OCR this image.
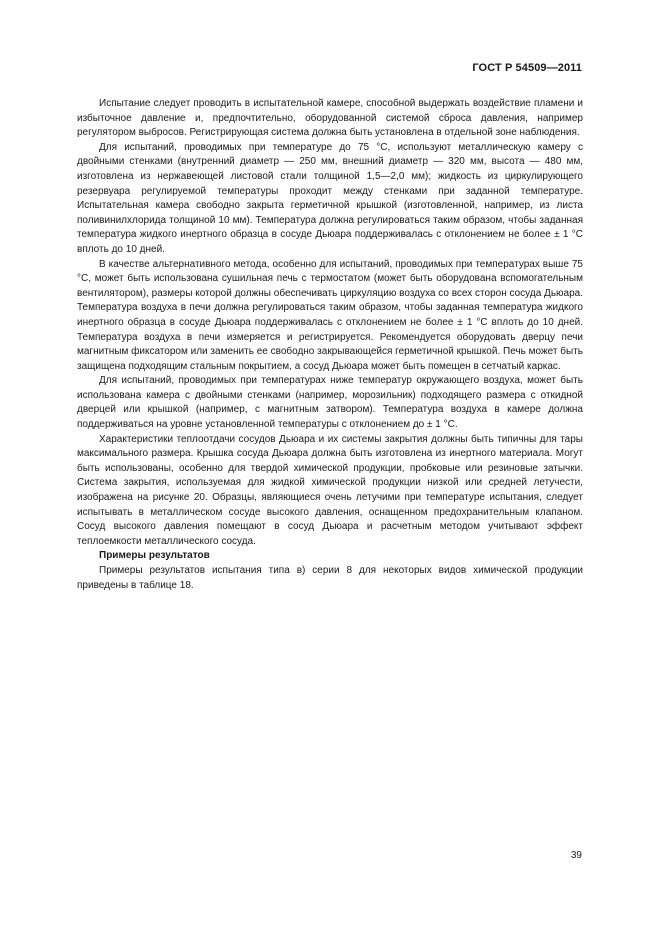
ГОСТ Р 54509—2011

Испытание следует проводить в испытательной камере, способной выдержать воздействие пламени и избыточное давление и, предпочтительно, оборудованной системой сброса давления, например регулятором выбросов. Регистрирующая система должна быть установлена в отдельной зоне наблюдения.

Для испытаний, проводимых при температуре до 75 °С, используют металлическую камеру с двойными стенками (внутренний диаметр — 250 мм, внешний диаметр — 320 мм, высота — 480 мм, изготовлена из нержавеющей листовой стали толщиной 1,5—2,0 мм); жидкость из циркулирующего резервуара регулируемой температуры проходит между стенками при заданной температуре. Испытательная камера свободно закрыта герметичной крышкой (изготовленной, например, из листа поливинилхлорида толщиной 10 мм). Температура должна регулироваться таким образом, чтобы заданная температура жидкого инертного образца в сосуде Дьюара поддерживалась с отклонением не более ± 1 °С вплоть до 10 дней.

В качестве альтернативного метода, особенно для испытаний, проводимых при температурах выше 75 °С, может быть использована сушильная печь с термостатом (может быть оборудована вспомогательным вентилятором), размеры которой должны обеспечивать циркуляцию воздуха со всех сторон сосуда Дьюара. Температура воздуха в печи должна регулироваться таким образом, чтобы заданная температура жидкого инертного образца в сосуде Дьюара поддерживалась с отклонением не более ± 1 °С вплоть до 10 дней. Температура воздуха в печи измеряется и регистрируется. Рекомендуется оборудовать дверцу печи магнитным фиксатором или заменить ее свободно закрывающейся герметичной крышкой. Печь может быть защищена подходящим стальным покрытием, а сосуд Дьюара может быть помещен в сетчатый каркас.

Для испытаний, проводимых при температурах ниже температур окружающего воздуха, может быть использована камера с двойными стенками (например, морозильник) подходящего размера с откидной дверцей или крышкой (например, с магнитным затвором). Температура воздуха в камере должна поддерживаться на уровне установленной температуры с отклонением до ± 1 °С.

Характеристики теплоотдачи сосудов Дьюара и их системы закрытия должны быть типичны для тары максимального размера. Крышка сосуда Дьюара должна быть изготовлена из инертного материала. Могут быть использованы, особенно для твердой химической продукции, пробковые или резиновые затычки. Система закрытия, используемая для жидкой химической продукции низкой или средней летучести, изображена на рисунке 20. Образцы, являющиеся очень летучими при температуре испытания, следует испытывать в металлическом сосуде высокого давления, оснащенном предохранительным клапаном. Сосуд высокого давления помещают в сосуд Дьюара и расчетным методом учитывают эффект теплоемкости металлического сосуда.

Примеры результатов

Примеры результатов испытания типа в) серии 8 для некоторых видов химической продукции приведены в таблице 18.

39
